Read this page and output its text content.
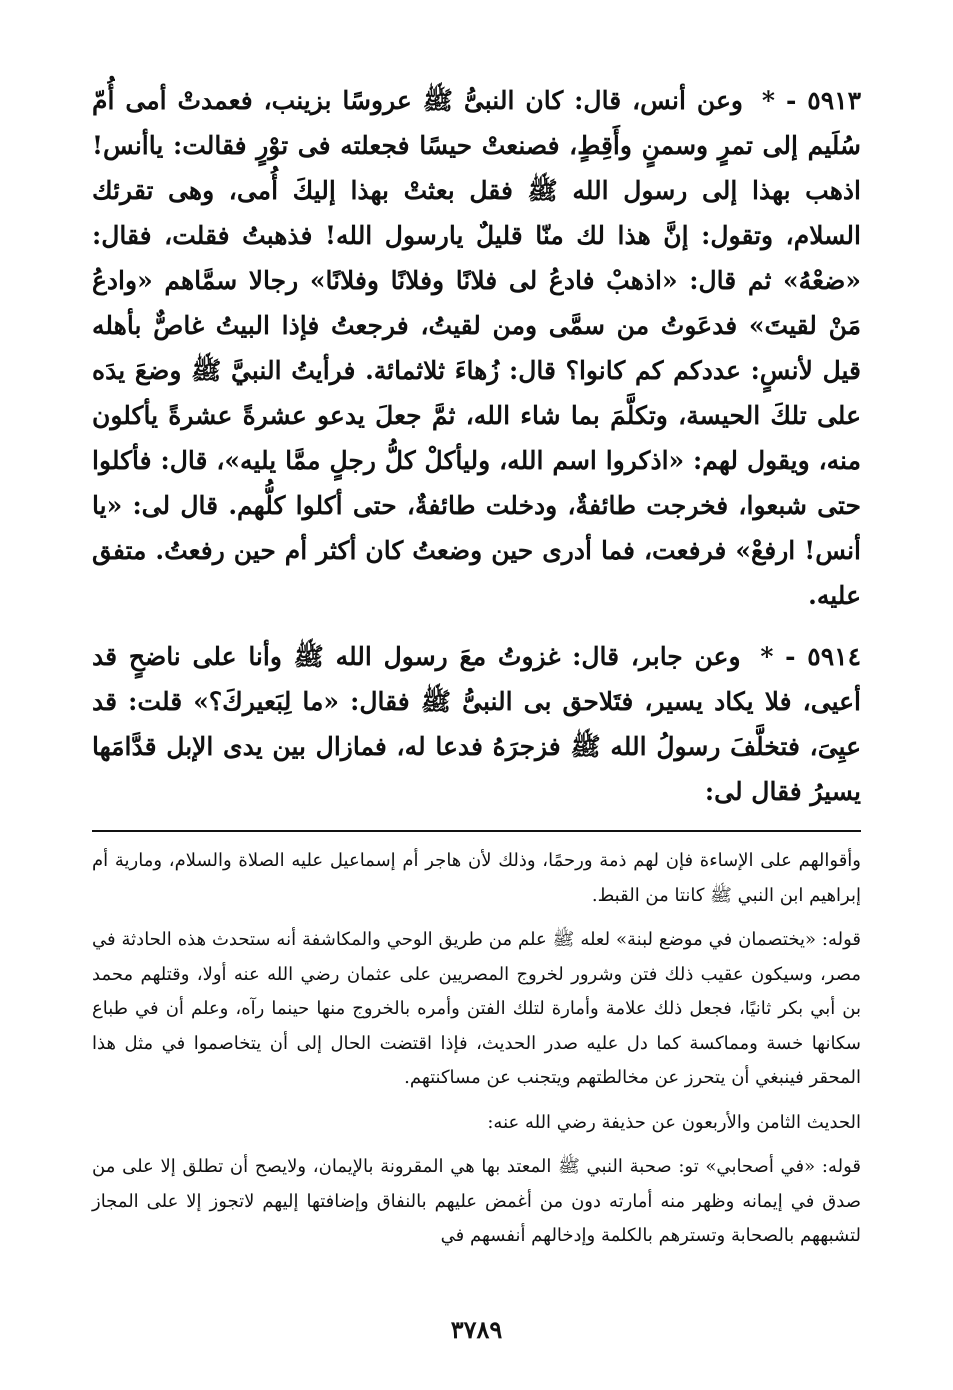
٥٩١٣ - * وعن أنس، قال: كان النبىُّ ﷺ عروسًا بزينب، فعمدتْ أمى أُمّ سُلَيم إلى تمرٍ وسمنٍ وأَقِطٍ، فصنعتْ حيسًا فجعلته فى توْرٍ فقالت: ياأنس! اذهب بهذا إلى رسول الله ﷺ فقل بعثتْ بهذا إليكَ أُمى، وهى تقرئك السلام، وتقول: إنَّ هذا لك منّا قليلٌ يارسول الله! فذهبتُ فقلت، فقال: «ضعْهُ» ثم قال: «اذهبْ فادعُ لى فلانًا وفلانًا وفلانًا» رجالا سمَّاهم «وادعُ مَنْ لقيتَ» فدعَوتُ من سمَّى ومن لقيتُ، فرجعتُ فإذا البيتُ غاصٌّ بأهله قيل لأنسٍ: عددكم كم كانوا؟ قال: زُهاءَ ثلاثمائة. فرأيتُ النبيَّ ﷺ وضعَ يدَه على تلكَ الحيسة، وتكلَّمَ بما شاء الله، ثمَّ جعلَ يدعو عشرةً عشرةً يأكلون منه، ويقول لهم: «اذكروا اسم الله، وليأكلْ كلُّ رجلٍ ممَّا يليه»، قال: فأكلوا حتى شبعوا، فخرجت طائفةٌ، ودخلت طائفةٌ، حتى أكلوا كلُّهم. قال لى: «يا أنس! ارفعْ» فرفعت، فما أدرى حين وضعتُ كان أكثر أم حين رفعتُ. متفق عليه.

٥٩١٤ - * وعن جابر، قال: غزوتُ معَ رسول الله ﷺ وأنا على ناضحٍ قد أعيى، فلا يكاد يسير، فتَلاحق بى النبىُّ ﷺ فقال: «ما لِبَعيركَ؟» قلت: قد عيِىَ، فتخلَّفَ رسولُ الله ﷺ فزجرَهُ فدعا له، فمازال بين يدى الإبل قدَّامَها يسيرُ فقال لى:

وأقوالهم على الإساءة فإن لهم ذمة ورحمًا، وذلك لأن هاجر أم إسماعيل عليه الصلاة والسلام، ومارية أم إبراهيم ابن النبي ﷺ كانتا من القبط.

قوله: «يختصمان في موضع لبنة» لعله ﷺ علم من طريق الوحي والمكاشفة أنه ستحدث هذه الحادثة في مصر، وسيكون عقيب ذلك فتن وشرور لخروج المصريين على عثمان رضي الله عنه أولا، وقتلهم محمد بن أبي بكر ثانيًا، فجعل ذلك علامة وأمارة لتلك الفتن وأمره بالخروج منها حينما رآه، وعلم أن في طباع سكانها خسة ومماكسة كما دل عليه صدر الحديث، فإذا اقتضت الحال إلى أن يتخاصموا في مثل هذا المحقر فينبغي أن يتحرز عن مخالطتهم ويتجنب عن مساكنتهم.

الحديث الثامن والأربعون عن حذيفة رضي الله عنه:

قوله: «في أصحابي» تو: صحبة النبي ﷺ المعتد بها هي المقرونة بالإيمان، ولايصح أن تطلق إلا على من صدق في إيمانه وظهر منه أمارته دون من أغمض عليهم بالنفاق وإضافتها إليهم لاتجوز إلا على المجاز لتشبههم بالصحابة وتسترهم بالكلمة وإدخالهم أنفسهم في

٣٧٨٩
